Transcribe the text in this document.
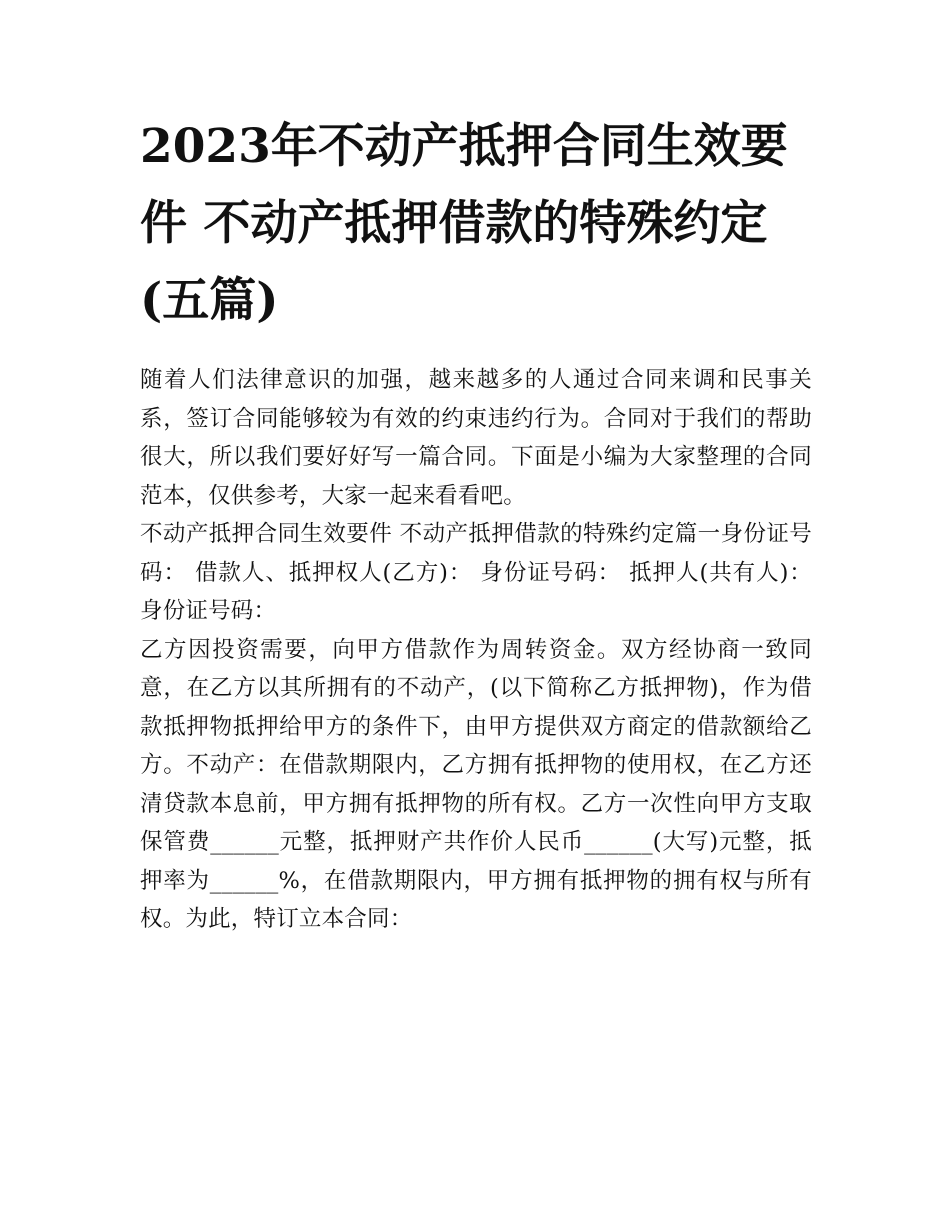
2023年不动产抵押合同生效要件 不动产抵押借款的特殊约定(五篇)

随着人们法律意识的加强，越来越多的人通过合同来调和民事关系，签订合同能够较为有效的约束违约行为。合同对于我们的帮助很大，所以我们要好好写一篇合同。下面是小编为大家整理的合同范本，仅供参考，大家一起来看看吧。

不动产抵押合同生效要件 不动产抵押借款的特殊约定篇一身份证号码： 借款人、抵押权人(乙方)： 身份证号码： 抵押人(共有人)： 身份证号码：

乙方因投资需要，向甲方借款作为周转资金。双方经协商一致同意，在乙方以其所拥有的不动产，(以下简称乙方抵押物)，作为借款抵押物抵押给甲方的条件下，由甲方提供双方商定的借款额给乙方。不动产：在借款期限内，乙方拥有抵押物的使用权，在乙方还清贷款本息前，甲方拥有抵押物的所有权。乙方一次性向甲方支取保管费______元整，抵押财产共作价人民币______(大写)元整，抵押率为______%，在借款期限内，甲方拥有抵押物的拥有权与所有权。为此，特订立本合同：
